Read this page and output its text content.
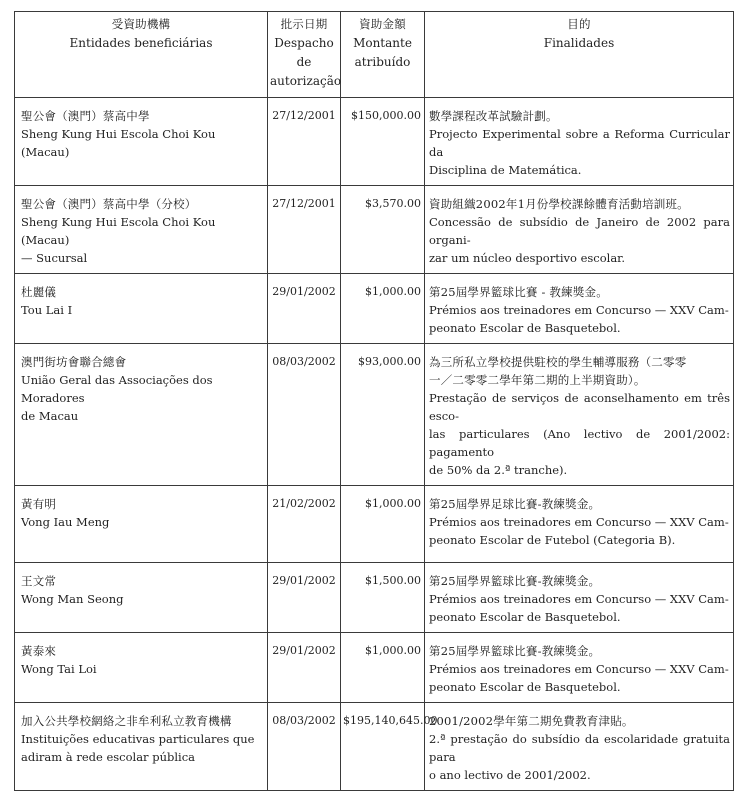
受資助機構
Entidades beneficiárias	批示日期
Despacho de
autorização	資助金額
Montante
atribuído	目的
Finalidades

聖公會（澳門）蔡高中學
Sheng Kung Hui Escola Choi Kou (Macau)	27/12/2001	$150,000.00	數學課程改革試驗計劃。
Projecto Experimental sobre a Reforma Curricular da
Disciplina de Matemática.

聖公會（澳門）蔡高中學（分校）
Sheng Kung Hui Escola Choi Kou (Macau)
— Sucursal	27/12/2001	$3,570.00	資助組織2002年1月份學校課餘體育活動培訓班。
Concessão de subsídio de Janeiro de 2002 para organi-
zar um núcleo desportivo escolar.

杜麗儀
Tou Lai I	29/01/2002	$1,000.00	第25屆學界籃球比賽 - 教練獎金。
Prémios aos treinadores em Concurso — XXV Cam-
peonato Escolar de Basquetebol.

澳門街坊會聯合總會
União Geral das Associações dos Moradores
de Macau	08/03/2002	$93,000.00	為三所私立學校提供駐校的學生輔導服務（二零零
一／二零零二學年第二期的上半期資助）。
Prestação de serviços de aconselhamento em três esco-
las particulares (Ano lectivo de 2001/2002: pagamento
de 50% da 2.ª tranche).

黃有明
Vong Iau Meng	21/02/2002	$1,000.00	第25屆學界足球比賽-教練獎金。
Prémios aos treinadores em Concurso — XXV Cam-
peonato Escolar de Futebol (Categoria B).

王文常
Wong Man Seong	29/01/2002	$1,500.00	第25屆學界籃球比賽-教練獎金。
Prémios aos treinadores em Concurso — XXV Cam-
peonato Escolar de Basquetebol.

黃泰來
Wong Tai Loi	29/01/2002	$1,000.00	第25屆學界籃球比賽-教練獎金。
Prémios aos treinadores em Concurso — XXV Cam-
peonato Escolar de Basquetebol.

加入公共學校網絡之非牟利私立教育機構
Instituições educativas particulares que
adiram à rede escolar pública	08/03/2002	$195,140,645.00	2001/2002學年第二期免費教育津貼。
2.ª prestação do subsídio da escolaridade gratuita para
o ano lectivo de 2001/2002.
